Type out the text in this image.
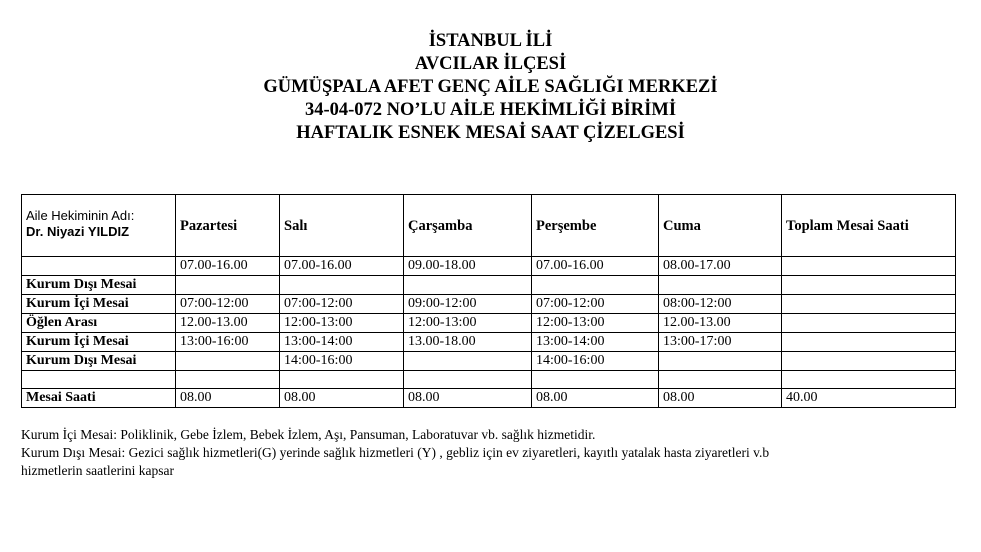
İSTANBUL İLİ
AVCILAR İLÇESİ
GÜMÜŞPALA AFET GENÇ AİLE SAĞLIĞI MERKEZİ
34-04-072 NO’LU AİLE HEKİMLİĞİ BİRİMİ
HAFTALIK ESNEK MESAİ SAAT ÇİZELGESİ
Aile Hekiminin Adı:
Dr. Niyazi YILDIZ	Pazartesi	Salı	Çarşamba	Perşembe	Cuma	Toplam Mesai Saati
	07.00-16.00	07.00-16.00	09.00-18.00	07.00-16.00	08.00-17.00	
Kurum Dışı Mesai						
Kurum İçi Mesai	07:00-12:00	07:00-12:00	09:00-12:00	07:00-12:00	08:00-12:00	
Öğlen Arası	12.00-13.00	12:00-13:00	12:00-13:00	12:00-13:00	12.00-13.00	
Kurum İçi Mesai	13:00-16:00	13:00-14:00	13.00-18.00	13:00-14:00	13:00-17:00	
Kurum Dışı Mesai		14:00-16:00		14:00-16:00		

Mesai Saati	08.00	08.00	08.00	08.00	08.00	40.00
Kurum İçi Mesai: Poliklinik, Gebe İzlem, Bebek İzlem, Aşı, Pansuman, Laboratuvar vb. sağlık hizmetidir.
Kurum Dışı Mesai: Gezici sağlık hizmetleri(G) yerinde sağlık hizmetleri (Y) , gebliz için ev ziyaretleri, kayıtlı yatalak hasta ziyaretleri v.b
hizmetlerin saatlerini kapsar
